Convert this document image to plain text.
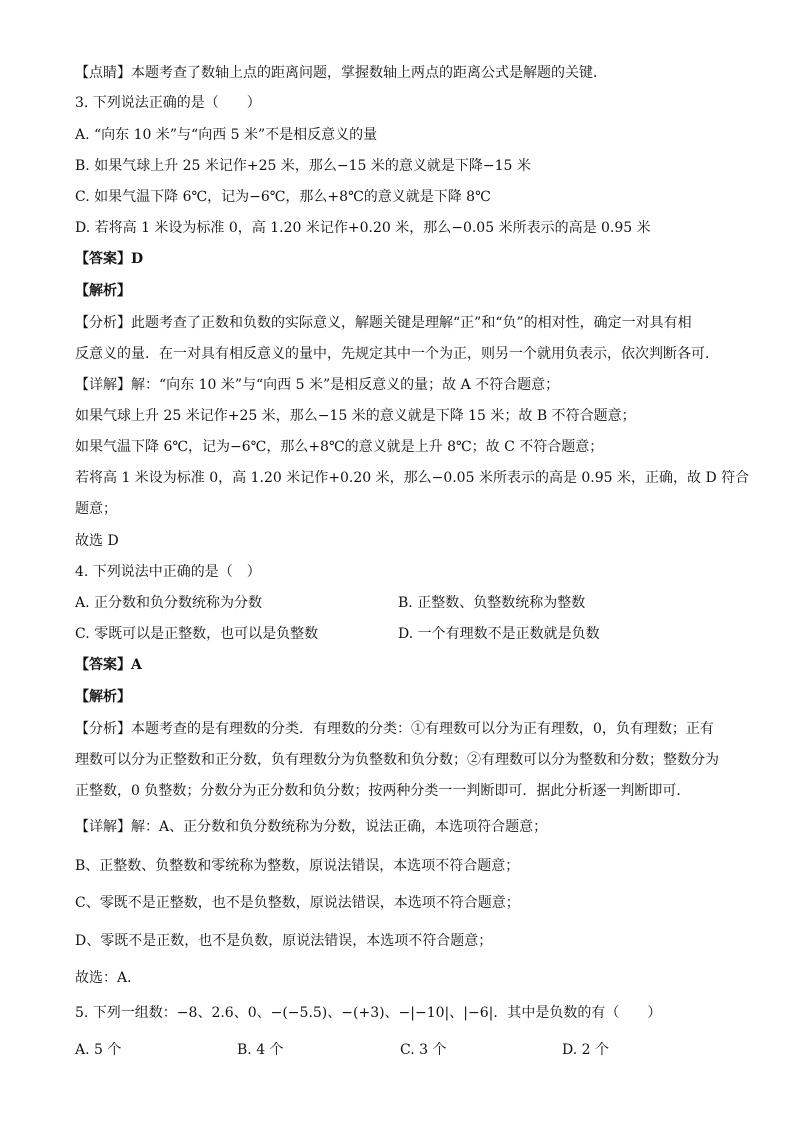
【点睛】本题考查了数轴上点的距离问题，掌握数轴上两点的距离公式是解题的关键．
3. 下列说法正确的是（　　）
A. “向东 10 米”与“向西 5 米”不是相反意义的量
B. 如果气球上升 25 米记作+25 米，那么−15 米的意义就是下降−15 米
C. 如果气温下降 6℃，记为−6℃，那么+8℃的意义就是下降 8℃
D. 若将高 1 米设为标准 0，高 1.20 米记作+0.20 米，那么−0.05 米所表示的高是 0.95 米
【答案】D
【解析】
【分析】此题考查了正数和负数的实际意义，解题关键是理解“正”和“负”的相对性，确定一对具有相
反意义的量．在一对具有相反意义的量中，先规定其中一个为正，则另一个就用负表示，依次判断各可．
【详解】解：“向东 10 米”与“向西 5 米”是相反意义的量；故 A 不符合题意；
如果气球上升 25 米记作+25 米，那么−15 米的意义就是下降 15 米；故 B 不符合题意；
如果气温下降 6℃，记为−6℃，那么+8℃的意义就是上升 8℃；故 C 不符合题意；
若将高 1 米设为标准 0，高 1.20 米记作+0.20 米，那么−0.05 米所表示的高是 0.95 米，正确，故 D 符合
题意；
故选 D
4. 下列说法中正确的是（　）
A. 正分数和负分数统称为分数	B. 正整数、负整数统称为整数
C. 零既可以是正整数，也可以是负整数	D. 一个有理数不是正数就是负数
【答案】A
【解析】
【分析】本题考查的是有理数的分类．有理数的分类：①有理数可以分为正有理数，0，负有理数；正有
理数可以分为正整数和正分数，负有理数分为负整数和负分数；②有理数可以分为整数和分数；整数分为
正整数，0 负整数；分数分为正分数和负分数；按两种分类一一判断即可．据此分析逐一判断即可．
【详解】解：A、正分数和负分数统称为分数，说法正确，本选项符合题意；
B、正整数、负整数和零统称为整数，原说法错误，本选项不符合题意；
C、零既不是正整数，也不是负整数，原说法错误，本选项不符合题意；
D、零既不是正数，也不是负数，原说法错误，本选项不符合题意；
故选：A．
5. 下列一组数：−8、2.6、0、−(−5.5)、−(+3)、−|−10|、|−6|．其中是负数的有（　　）
A. 5 个	B. 4 个	C. 3 个	D. 2 个
